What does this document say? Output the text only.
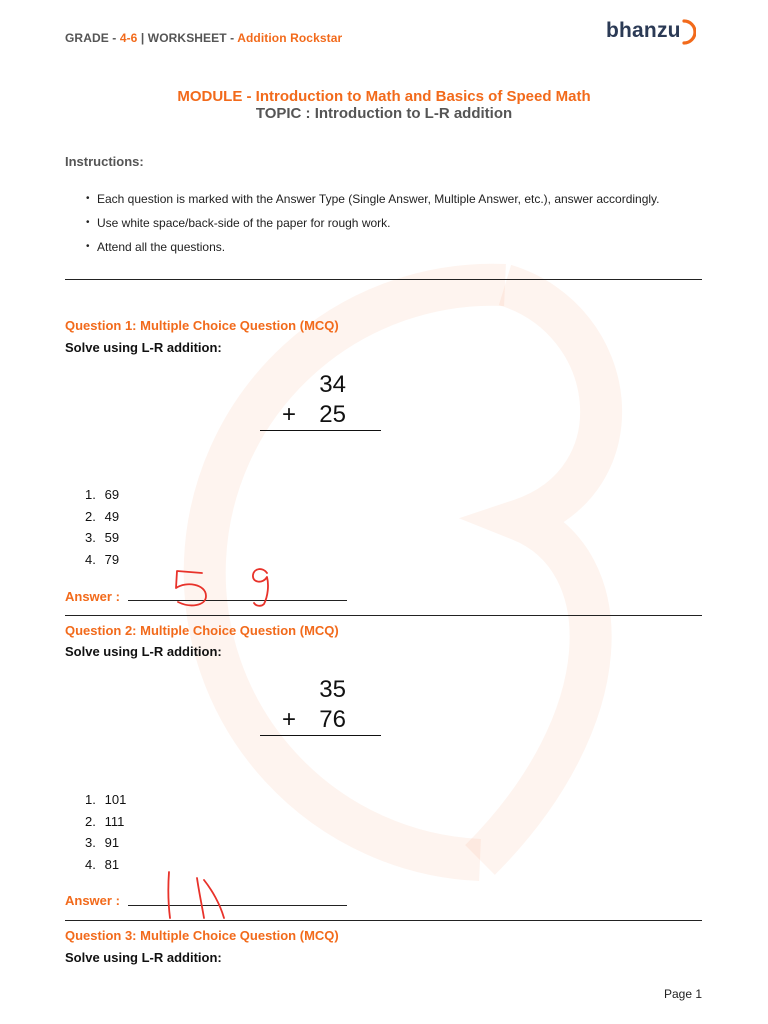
GRADE - 4-6 | WORKSHEET - Addition Rockstar	bhanzu
MODULE - Introduction to Math and Basics of Speed Math
TOPIC : Introduction to L-R addition
Instructions:
• Each question is marked with the Answer Type (Single Answer, Multiple Answer, etc.), answer accordingly.
• Use white space/back-side of the paper for rough work.
• Attend all the questions.
Question 1: Multiple Choice Question (MCQ)
Solve using L-R addition:
34
+ 25
1. 69
2. 49
3. 59
4. 79
Answer :
Question 2: Multiple Choice Question (MCQ)
Solve using L-R addition:
35
+ 76
1. 101
2. 111
3. 91
4. 81
Answer :
Question 3: Multiple Choice Question (MCQ)
Solve using L-R addition:
Page 1
